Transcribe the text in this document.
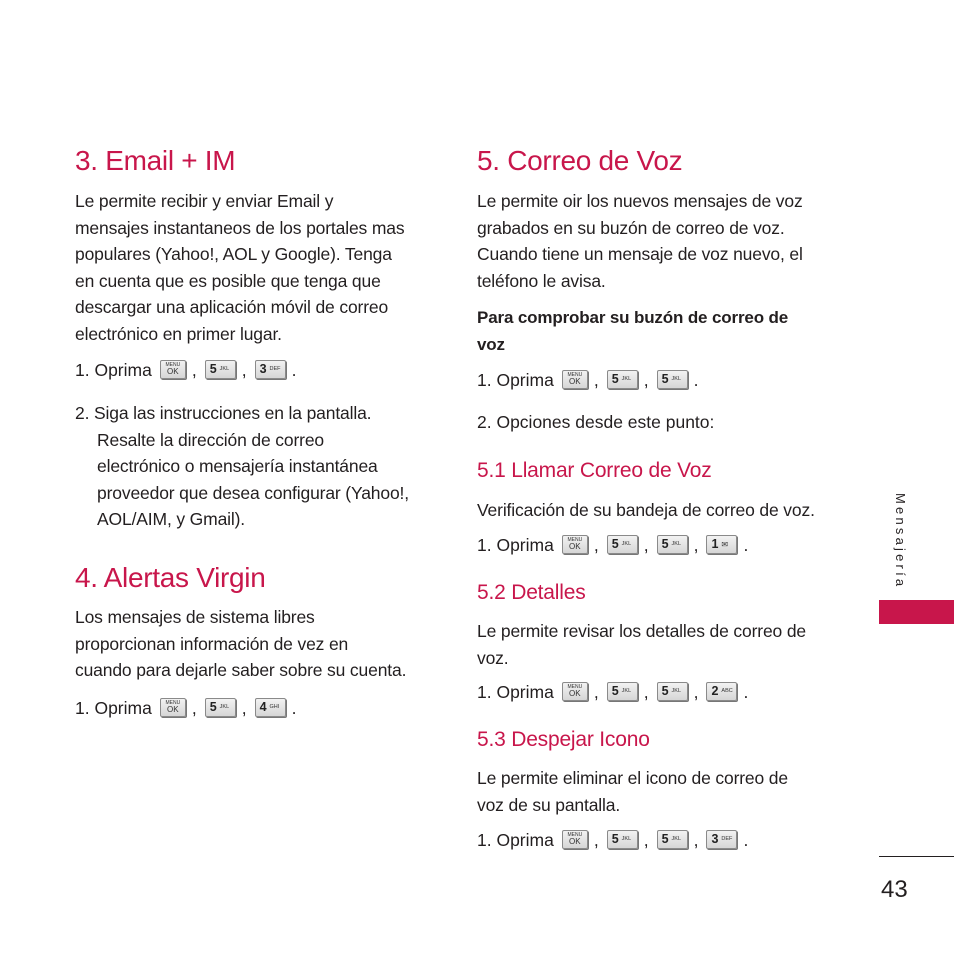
3. Email + IM

Le permite recibir y enviar Email y
mensajes instantaneos de los portales mas
populares (Yahoo!, AOL y Google). Tenga
en cuenta que es posible que tenga que
descargar una aplicación móvil de correo
electrónico en primer lugar.

1. Oprima	MENU
OK , 5 JKL , 3 DEF .

2. Siga las instrucciones en la pantalla.
Resalte la dirección de correo
electrónico o mensajería instantánea
proveedor que desea configurar (Yahoo!,
AOL/AIM, y Gmail).

4. Alertas Virgin

Los mensajes de sistema libres
proporcionan información de vez en
cuando para dejarle saber sobre su cuenta.

1. Oprima	MENU
OK , 5 JKL , 4 GHI .
5. Correo de Voz

Le permite oir los nuevos mensajes de voz
grabados en su buzón de correo de voz.
Cuando tiene un mensaje de voz nuevo, el
teléfono le avisa.

Para comprobar su buzón de correo de
voz

1. Oprima	MENU
OK , 5 JKL , 5 JKL .
2. Opciones desde este punto:
5.1 Llamar Correo de Voz

Verificación de su bandeja de correo de voz.

1. Oprima	MENU
OK , 5 JKL , 5 JKL , 1 ✉ .
5.2 Detalles

Le permite revisar los detalles de correo de
voz.

1. Oprima	MENU
OK , 5 JKL , 5 JKL , 2 ABC .
5.3 Despejar Icono

Le permite eliminar el icono de correo de
voz de su pantalla.

1. Oprima	MENU
OK , 5 JKL , 5 JKL , 3 DEF .
Mensajería
43
